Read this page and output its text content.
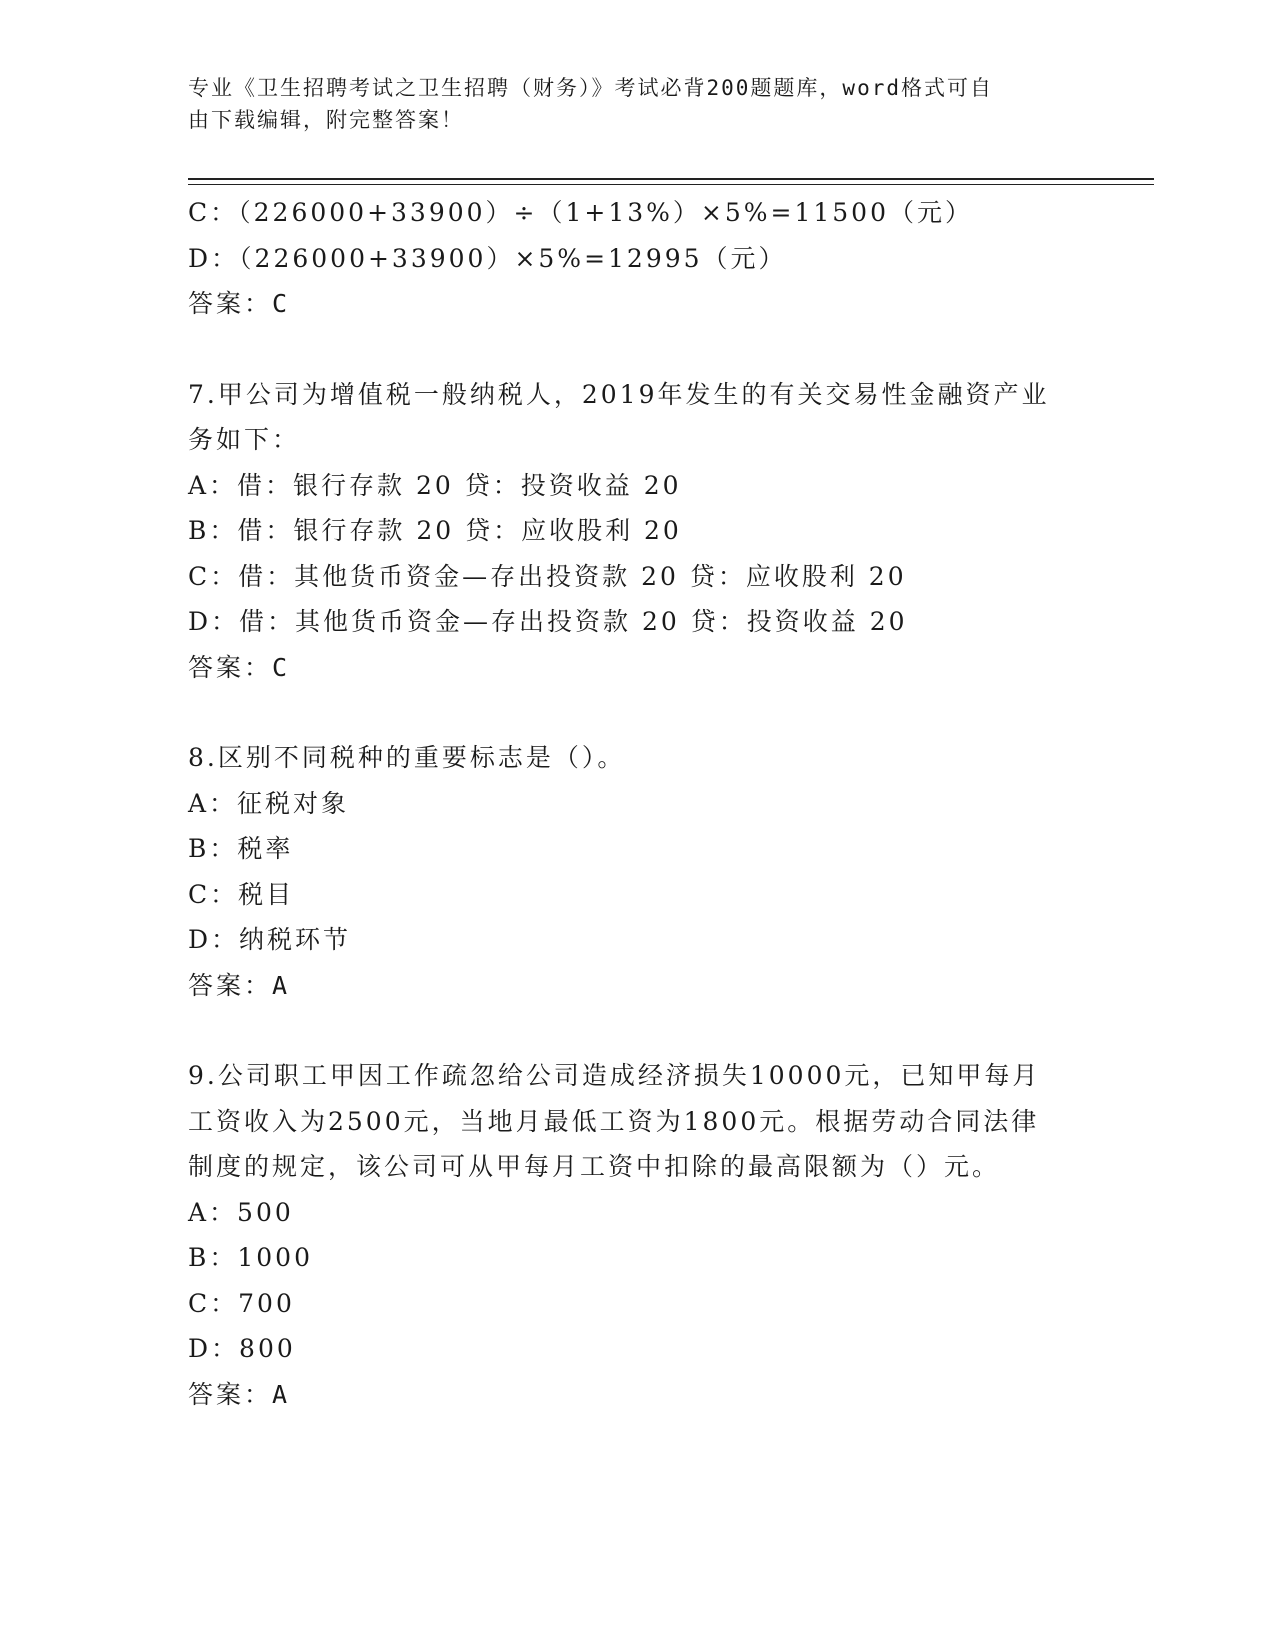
专业《卫生招聘考试之卫生招聘（财务）》考试必背200题题库，word格式可自
由下载编辑，附完整答案！
C：（226000+33900）÷（1+13%）×5%=11500（元）
D：（226000+33900）×5%=12995（元）
答案：C
7.甲公司为增值税一般纳税人，2019年发生的有关交易性金融资产业
务如下：
A：借：银行存款 20 贷：投资收益 20
B：借：银行存款 20 贷：应收股利 20
C：借：其他货币资金—存出投资款 20 贷：应收股利 20
D：借：其他货币资金—存出投资款 20 贷：投资收益 20
答案：C
8.区别不同税种的重要标志是（）。
A：征税对象
B：税率
C：税目
D：纳税环节
答案：A
9.公司职工甲因工作疏忽给公司造成经济损失10000元，已知甲每月
工资收入为2500元，当地月最低工资为1800元。根据劳动合同法律
制度的规定，该公司可从甲每月工资中扣除的最高限额为（）元。
A：500
B：1000
C：700
D：800
答案：A
